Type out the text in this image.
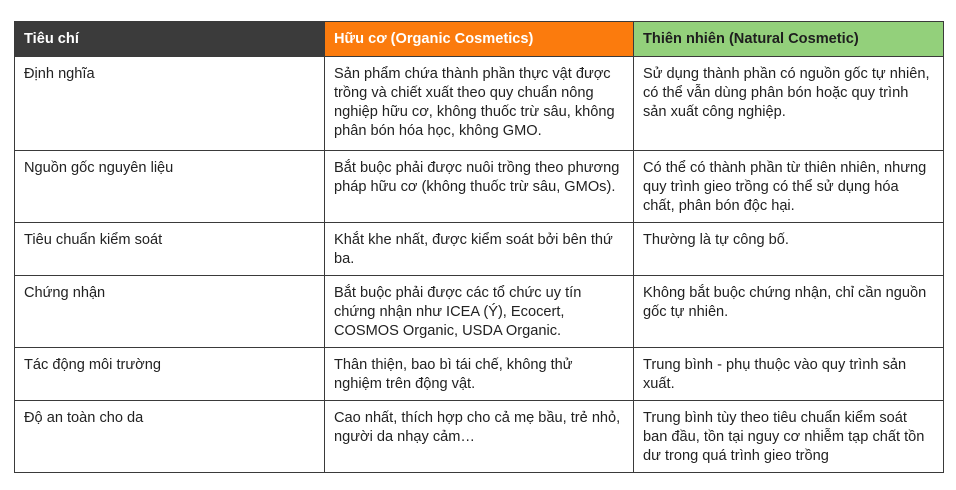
Tiêu chí	Hữu cơ (Organic Cosmetics)	Thiên nhiên (Natural Cosmetic)
Định nghĩa	Sản phẩm chứa thành phần thực vật được trồng và chiết xuất theo quy chuẩn nông nghiệp hữu cơ, không thuốc trừ sâu, không phân bón hóa học, không GMO.	Sử dụng thành phần có nguồn gốc tự nhiên, có thể vẫn dùng phân bón hoặc quy trình sản xuất công nghiệp.
Nguồn gốc nguyên liệu	Bắt buộc phải được nuôi trồng theo phương pháp hữu cơ (không thuốc trừ sâu, GMOs).	Có thể có thành phần từ thiên nhiên, nhưng quy trình gieo trồng có thể sử dụng hóa chất, phân bón độc hại.
Tiêu chuẩn kiểm soát	Khắt khe nhất, được kiểm soát bởi bên thứ ba.	Thường là tự công bố.
Chứng nhận	Bắt buộc phải được các tổ chức uy tín chứng nhận như ICEA (Ý), Ecocert, COSMOS Organic, USDA Organic.	Không bắt buộc chứng nhận, chỉ cần nguồn gốc tự nhiên.
Tác động môi trường	Thân thiện, bao bì tái chế, không thử nghiệm trên động vật.	Trung bình - phụ thuộc vào quy trình sản xuất.
Độ an toàn cho da	Cao nhất, thích hợp cho cả mẹ bầu, trẻ nhỏ, người da nhạy cảm…	Trung bình tùy theo tiêu chuẩn kiểm soát ban đầu, tồn tại nguy cơ nhiễm tạp chất tồn dư trong quá trình gieo trồng
